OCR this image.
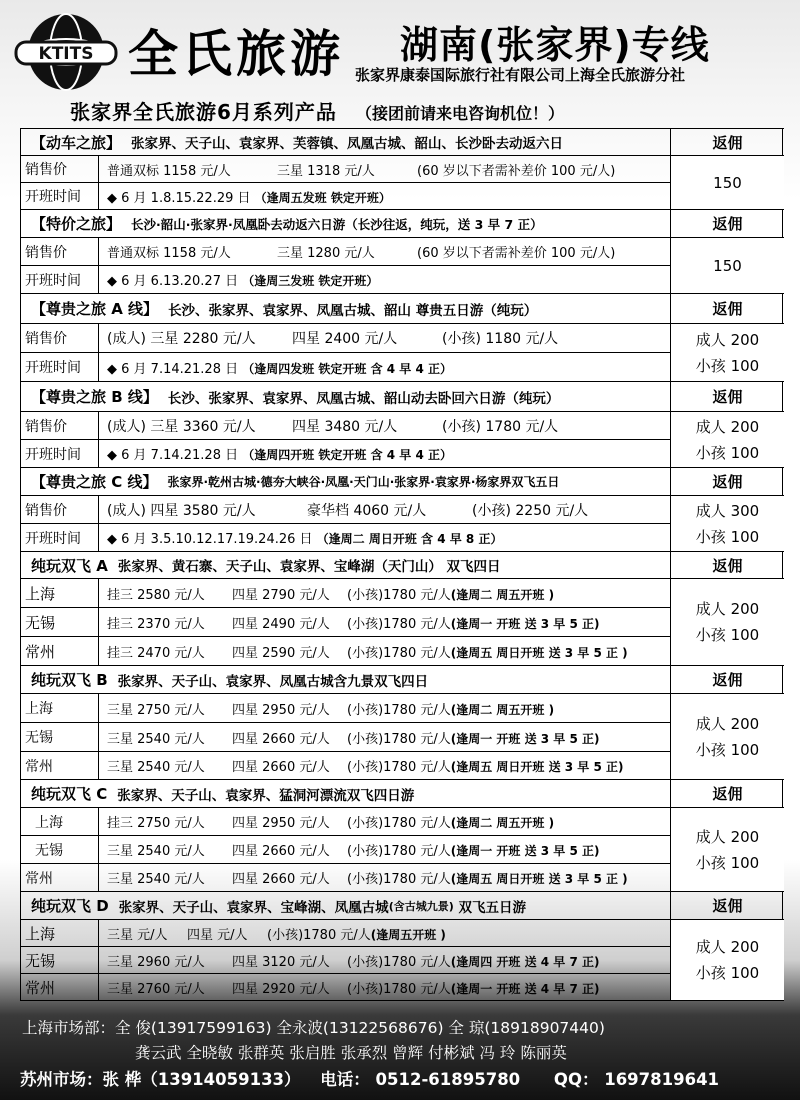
KTITS 全氏旅游 湖南(张家界)专线
张家界康泰国际旅行社有限公司上海全氏旅游分社
张家界全氏旅游6月系列产品 （接团前请来电咨询机位！）
【动车之旅】 张家界、天子山、袁家界、芙蓉镇、凤凰古城、韶山、长沙卧去动返六日	返佣
销售价	普通双标 1158 元/人	三星 1318 元/人	(60 岁以下者需补差价 100 元/人)
开班时间	◆ 6 月 1.8.15.22.29 日 （逢周五发班 铁定开班）
150
【特价之旅】 长沙·韶山·张家界·凤凰卧去动返六日游（长沙往返，纯玩，送 3 早 7 正）	返佣
销售价	普通双标 1158 元/人	三星 1280 元/人	(60 岁以下者需补差价 100 元/人)
开班时间	◆ 6 月 6.13.20.27 日 （逢周三发班 铁定开班）
150
【尊贵之旅 A 线】 长沙、张家界、袁家界、凤凰古城、韶山 尊贵五日游（纯玩）	返佣
销售价	(成人) 三星 2280 元/人	四星 2400 元/人	(小孩) 1180 元/人
开班时间	◆ 6 月 7.14.21.28 日 （逢周四发班 铁定开班 含 4 早 4 正）
成人 200
小孩 100
【尊贵之旅 B 线】 长沙、张家界、袁家界、凤凰古城、韶山动去卧回六日游（纯玩）	返佣
销售价	(成人) 三星 3360 元/人	四星 3480 元/人	(小孩) 1780 元/人
开班时间	◆ 6 月 7.14.21.28 日 （逢周四开班 铁定开班 含 4 早 4 正）
成人 200
小孩 100
【尊贵之旅 C 线】 张家界·乾州古城·德夯大峡谷·凤凰·天门山·张家界·袁家界·杨家界双飞五日	返佣
销售价	(成人) 四星 3580 元/人	豪华档 4060 元/人	(小孩) 2250 元/人
开班时间	◆ 6 月 3.5.10.12.17.19.24.26 日 （逢周二 周日开班 含 4 早 8 正）
成人 300
小孩 100
纯玩双飞 A 张家界、黄石寨、天子山、袁家界、宝峰湖（天门山） 双飞四日	返佣
上海	挂三 2580 元/人 四星 2790 元/人 (小孩)1780 元/人(逢周二 周五开班 )
无锡	挂三 2370 元/人 四星 2490 元/人 (小孩)1780 元/人(逢周一 开班 送 3 早 5 正)
常州	挂三 2470 元/人 四星 2590 元/人 (小孩)1780 元/人(逢周五 周日开班 送 3 早 5 正 )
成人 200
小孩 100
纯玩双飞 B 张家界、天子山、袁家界、凤凰古城含九景双飞四日	返佣
上海	三星 2750 元/人 四星 2950 元/人 (小孩)1780 元/人(逢周二 周五开班 )
无锡	三星 2540 元/人 四星 2660 元/人 (小孩)1780 元/人(逢周一 开班 送 3 早 5 正)
常州	三星 2540 元/人 四星 2660 元/人 (小孩)1780 元/人(逢周五 周日开班 送 3 早 5 正)
成人 200
小孩 100
纯玩双飞 C 张家界、天子山、袁家界、猛洞河漂流双飞四日游	返佣
上海	挂三 2750 元/人 四星 2950 元/人 (小孩)1780 元/人(逢周二 周五开班 )
无锡	三星 2540 元/人 四星 2660 元/人 (小孩)1780 元/人(逢周一 开班 送 3 早 5 正)
常州	三星 2540 元/人 四星 2660 元/人 (小孩)1780 元/人(逢周五 周日开班 送 3 早 5 正 )
成人 200
小孩 100
纯玩双飞 D 张家界、天子山、袁家界、宝峰湖、凤凰古城 (含古城九景)
双飞五日游	返佣
上海	三星 元/人 四星 元/人 (小孩)1780 元/人(逢周五开班 )
无锡	三星 2960 元/人 四星 3120 元/人 (小孩)1780 元/人(逢周四 开班 送 4 早 7 正)
常州	三星 2760 元/人 四星 2920 元/人 (小孩)1780 元/人(逢周一 开班 送 4 早 7 正)
成人 200
小孩 100
上海市场部：全 俊(13917599163) 全永波(13122568676) 全 琼(18918907440)
龚云武 全晓敏 张群英 张启胜 张承烈 曾辉 付彬斌 冯 玲 陈丽英
苏州市场：张 桦（13914059133） 电话： 0512-61895780 QQ： 1697819641
